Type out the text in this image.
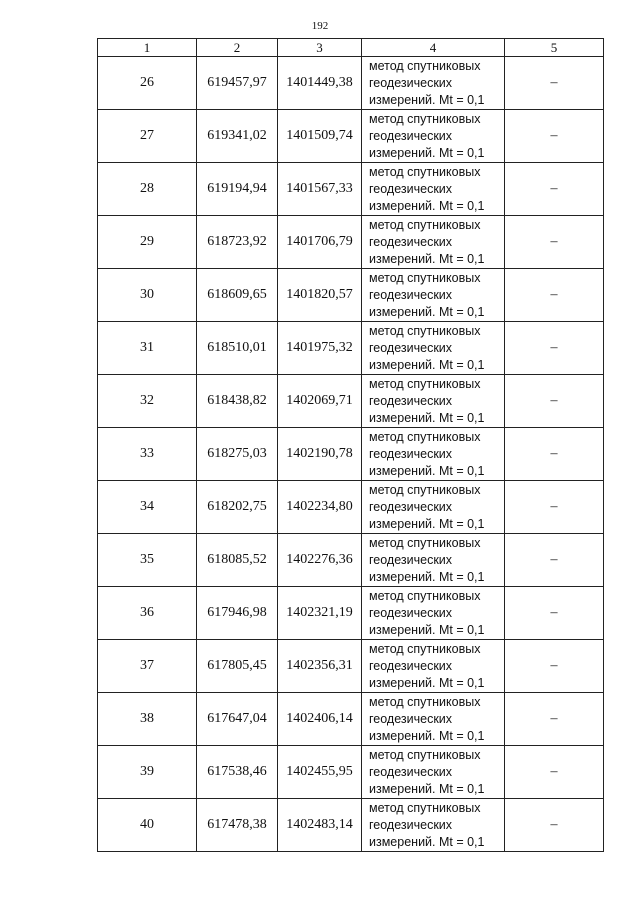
192
1	2	3	4	5
26	619457,97	1401449,38	метод спутниковых
геодезических
измерений. Mt = 0,1	–
27	619341,02	1401509,74	метод спутниковых
геодезических
измерений. Mt = 0,1	–
28	619194,94	1401567,33	метод спутниковых
геодезических
измерений. Mt = 0,1	–
29	618723,92	1401706,79	метод спутниковых
геодезических
измерений. Mt = 0,1	–
30	618609,65	1401820,57	метод спутниковых
геодезических
измерений. Mt = 0,1	–
31	618510,01	1401975,32	метод спутниковых
геодезических
измерений. Mt = 0,1	–
32	618438,82	1402069,71	метод спутниковых
геодезических
измерений. Mt = 0,1	–
33	618275,03	1402190,78	метод спутниковых
геодезических
измерений. Mt = 0,1	–
34	618202,75	1402234,80	метод спутниковых
геодезических
измерений. Mt = 0,1	–
35	618085,52	1402276,36	метод спутниковых
геодезических
измерений. Mt = 0,1	–
36	617946,98	1402321,19	метод спутниковых
геодезических
измерений. Mt = 0,1	–
37	617805,45	1402356,31	метод спутниковых
геодезических
измерений. Mt = 0,1	–
38	617647,04	1402406,14	метод спутниковых
геодезических
измерений. Mt = 0,1	–
39	617538,46	1402455,95	метод спутниковых
геодезических
измерений. Mt = 0,1	–
40	617478,38	1402483,14	метод спутниковых
геодезических
измерений. Mt = 0,1	–
